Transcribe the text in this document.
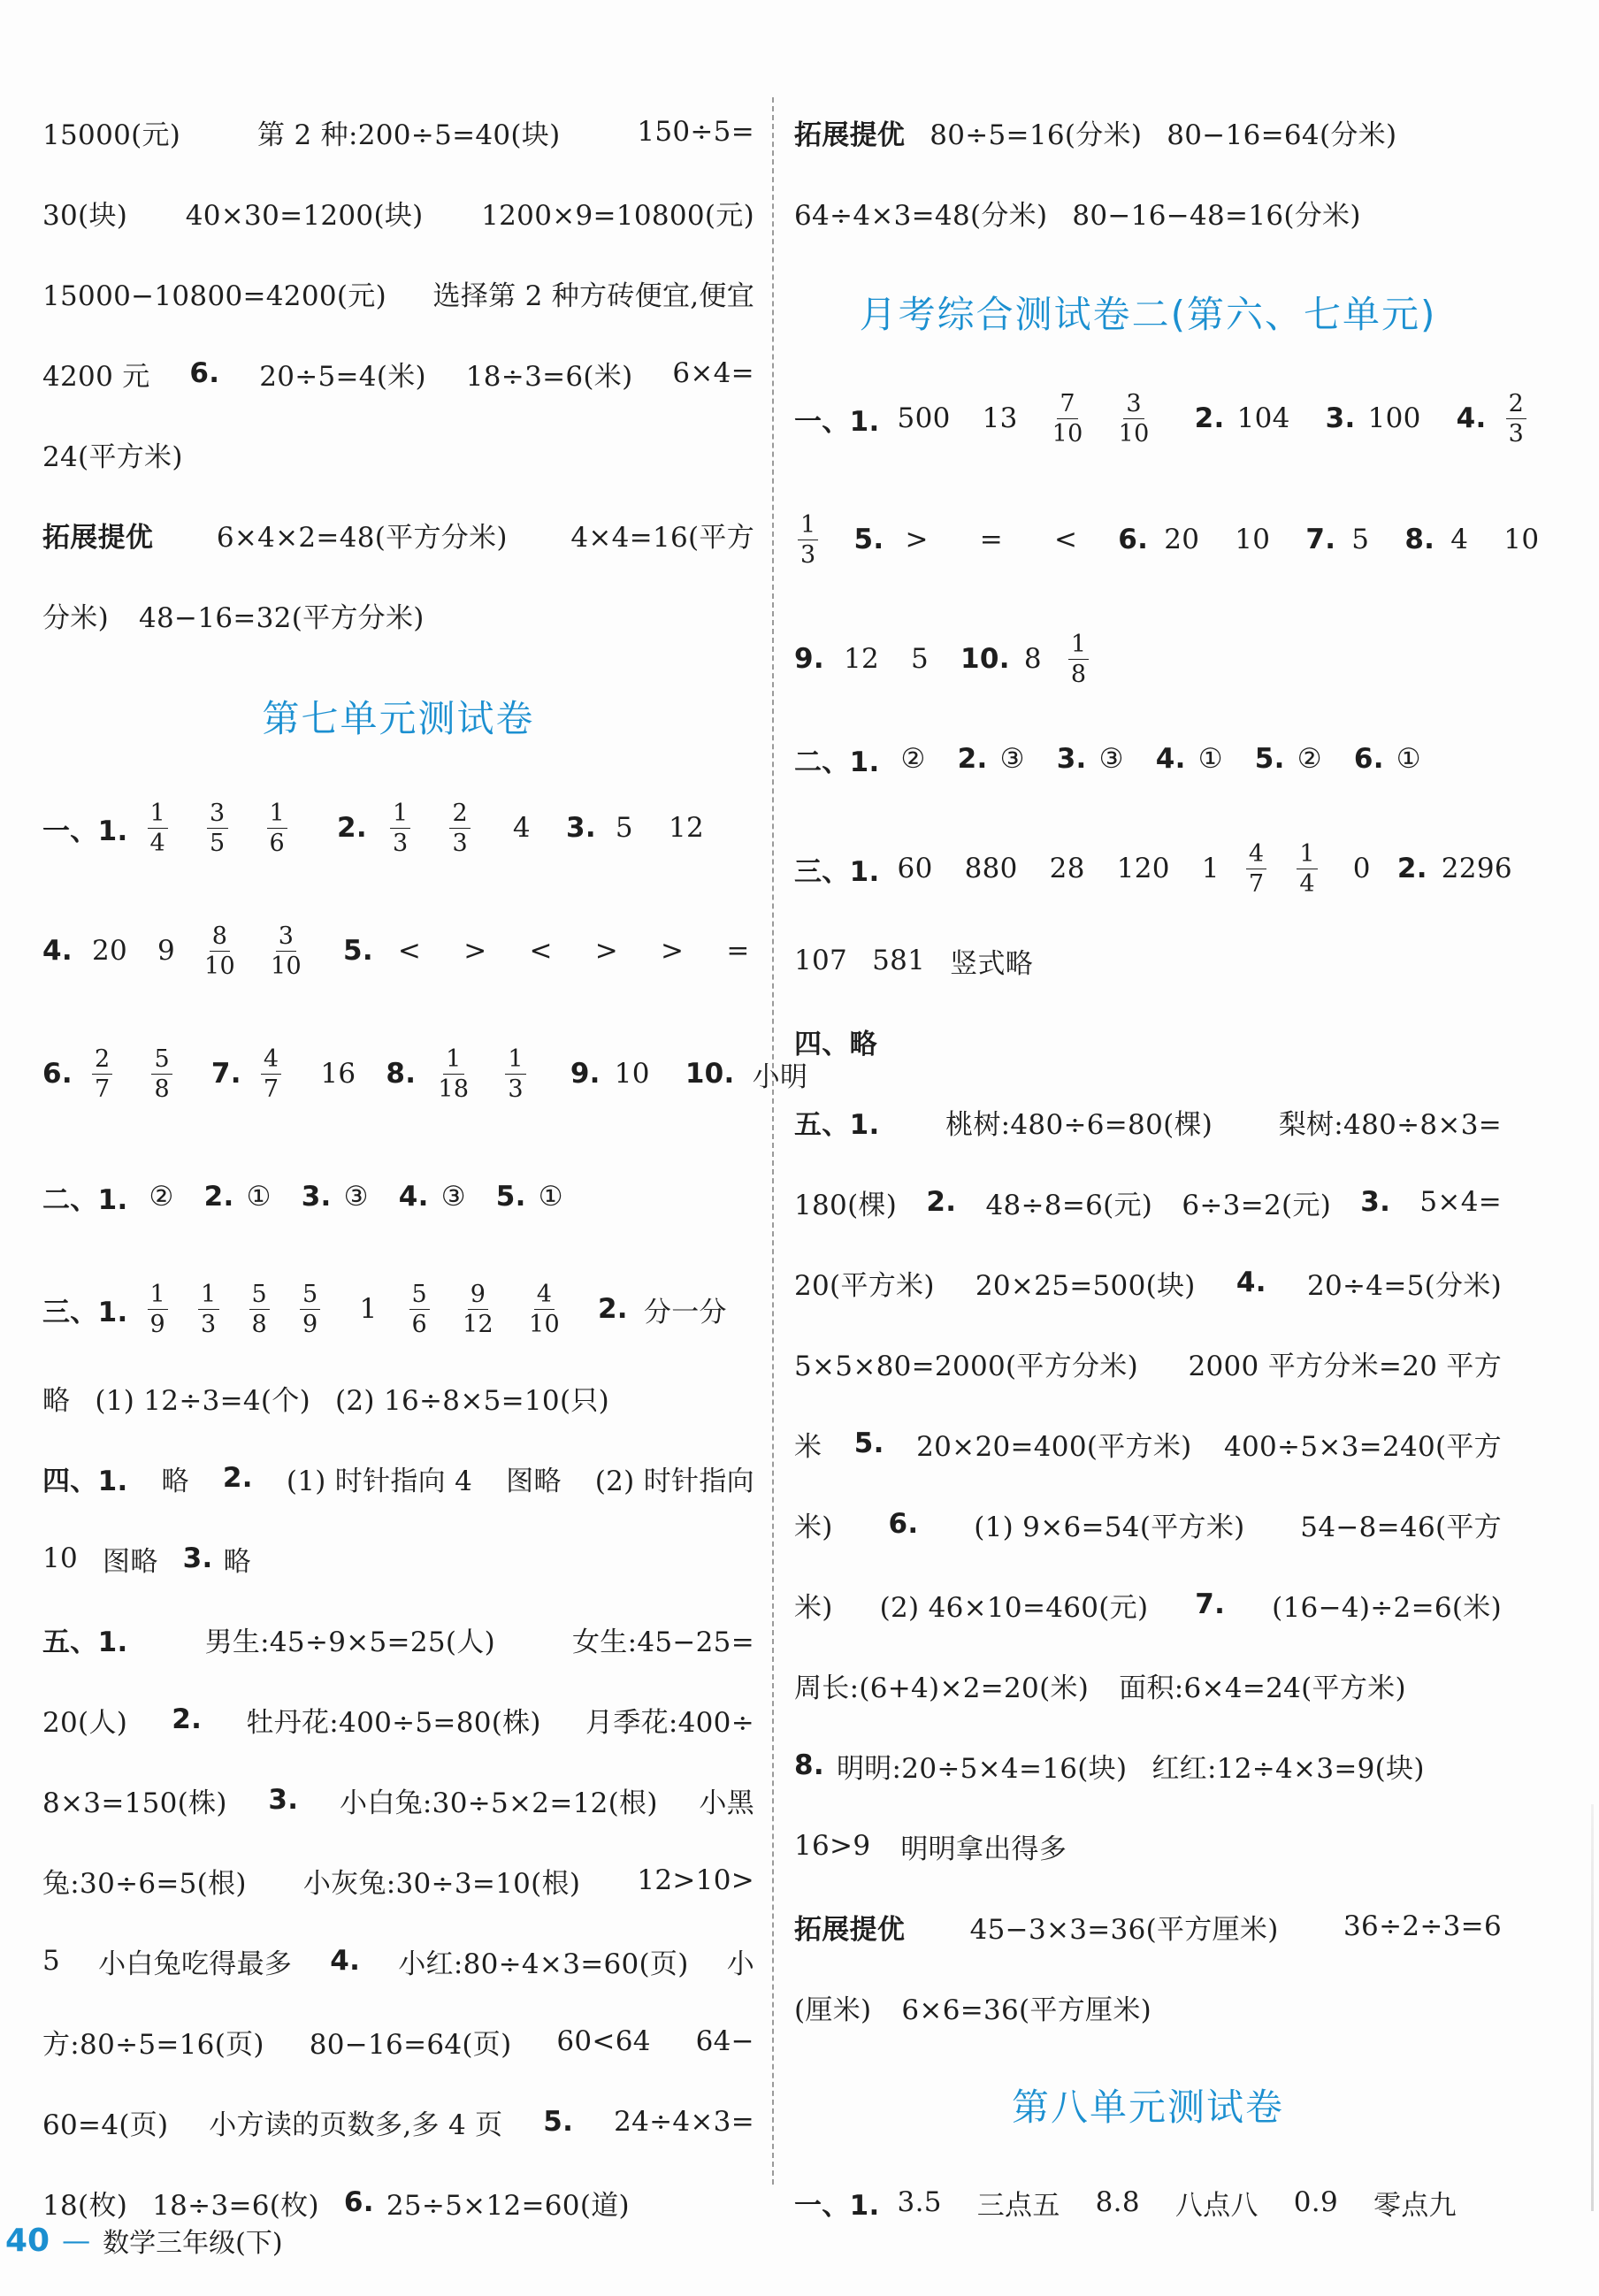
15000(元)	第 2 种:200÷5=40(块)	150÷5=
30(块) 40×30=1200(块) 1200×9=10800(元)
15000−10800=4200(元) 选择第 2 种方砖便宜,便宜
4200 元 6. 20÷5=4(米) 18÷3=6(米) 6×4=
24(平方米)
拓展提优 6×4×2=48(平方分米) 4×4=16(平方
分米) 48−16=32(平方分米)
第七单元测试卷
一、1.
1
4
3
5
1
6 2. 1
3
2
3 4 3. 5 12
4. 20 9 8
10
3
10 5. < > < > > =
6. 2
7
5
8 7. 4
7 16 8. 1
18
1
3 9. 10 10. 小明
二、1. ② 2. ① 3. ③ 4. ③ 5. ①
三、1.
1
9
1
3
5
8
5
9 1 5
6
9
12
4
10 2. 分一分
略 (1) 12÷3=4(个) (2) 16÷8×5=10(只)
四、1. 略 2. (1) 时针指向 4 图略 (2) 时针指向
10 图略 3. 略
五、1.	男生:45÷9×5=25(人)	女生:45−25=
20(人) 2. 牡丹花:400÷5=80(株) 月季花:400÷
8×3=150(株) 3. 小白兔:30÷5×2=12(根) 小黑
兔:30÷6=5(根) 小灰兔:30÷3=10(根) 12>10>
5 小白兔吃得最多 4. 小红:80÷4×3=60(页) 小
方:80÷5=16(页) 80−16=64(页) 60<64 64−
60=4(页) 小方读的页数多,多 4 页 5. 24÷4×3=
18(枚) 18÷3=6(枚) 6. 25÷5×12=60(道)
拓展提优 80÷5=16(分米) 80−16=64(分米)
64÷4×3=48(分米) 80−16−48=16(分米)
月考综合测试卷二(第六、七单元)
一、1. 500 13 7
10
3
10 2. 104 3. 100 4. 2
3
1
3 5. > = < 6. 20 10 7. 5 8. 4 10
9. 12 5 10. 8 1
8
二、1. ② 2. ③ 3. ③ 4. ① 5. ② 6. ①
三、1. 60 880 28 120 1 4
7
1
4 0 2. 2296
107 581 竖式略
四、略
五、1. 桃树:480÷6=80(棵) 梨树:480÷8×3=
180(棵) 2. 48÷8=6(元) 6÷3=2(元) 3. 5×4=
20(平方米) 20×25=500(块) 4. 20÷4=5(分米)
5×5×80=2000(平方分米) 2000 平方分米=20 平方
米 5. 20×20=400(平方米) 400÷5×3=240(平方
米) 6. (1) 9×6=54(平方米) 54−8=46(平方
米) (2) 46×10=460(元) 7. (16−4)÷2=6(米)
周长:(6+4)×2=20(米) 面积:6×4=24(平方米)
8. 明明:20÷5×4=16(块) 红红:12÷4×3=9(块)
16>9 明明拿出得多
拓展提优 45−3×3=36(平方厘米) 36÷2÷3=6
(厘米) 6×6=36(平方厘米)
第八单元测试卷
一、1. 3.5 三点五 8.8 八点八 0.9 零点九
40 — 数学三年级(下)
